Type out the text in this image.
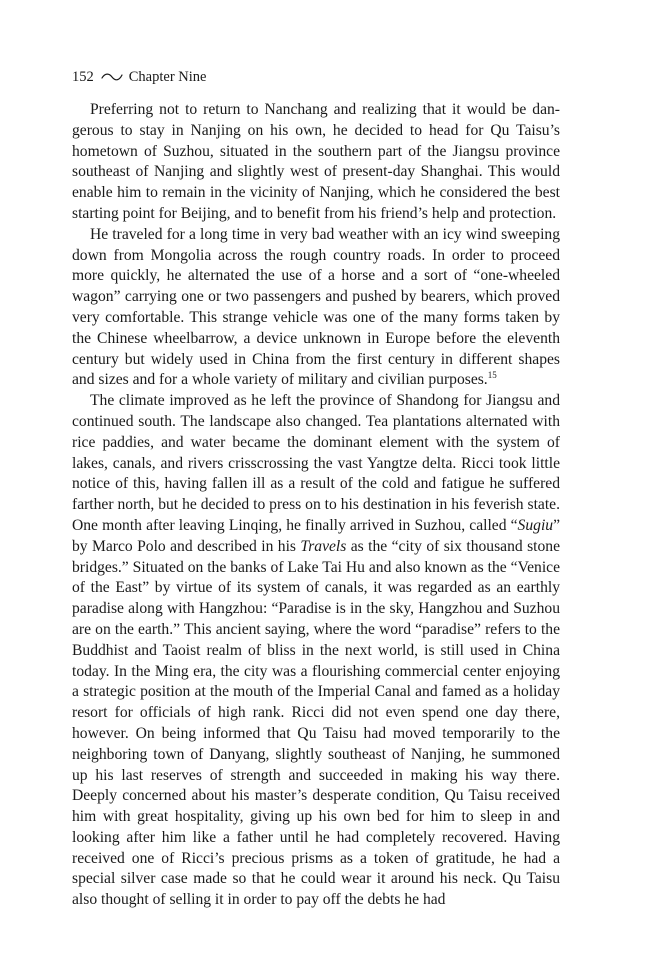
152 Chapter Nine

Preferring not to return to Nanchang and realizing that it would be dangerous to stay in Nanjing on his own, he decided to head for Qu Taisu’s hometown of Suzhou, situated in the southern part of the Jiangsu province southeast of Nanjing and slightly west of present-day Shanghai. This would enable him to remain in the vicinity of Nanjing, which he considered the best starting point for Beijing, and to benefit from his friend’s help and protection.

He traveled for a long time in very bad weather with an icy wind sweeping down from Mongolia across the rough country roads. In order to proceed more quickly, he alternated the use of a horse and a sort of “one-wheeled wagon” carrying one or two passengers and pushed by bearers, which proved very comfortable. This strange vehicle was one of the many forms taken by the Chinese wheelbarrow, a device unknown in Europe before the eleventh century but widely used in China from the first century in different shapes and sizes and for a whole variety of military and civilian purposes.$^{15}$

The climate improved as he left the province of Shandong for Jiangsu and continued south. The landscape also changed. Tea plantations alternated with rice paddies, and water became the dominant element with the system of lakes, canals, and rivers crisscrossing the vast Yangtze delta. Ricci took little notice of this, having fallen ill as a result of the cold and fatigue he suffered farther north, but he decided to press on to his destination in his feverish state. One month after leaving Linqing, he finally arrived in Suzhou, called “Sugiu” by Marco Polo and described in his Travels as the “city of six thousand stone bridges.” Situated on the banks of Lake Tai Hu and also known as the “Venice of the East” by virtue of its system of canals, it was regarded as an earthly paradise along with Hangzhou: “Paradise is in the sky, Hangzhou and Suzhou are on the earth.” This ancient saying, where the word “paradise” refers to the Buddhist and Taoist realm of bliss in the next world, is still used in China today. In the Ming era, the city was a flourishing commercial center enjoying a strategic position at the mouth of the Imperial Canal and famed as a holiday resort for officials of high rank. Ricci did not even spend one day there, however. On being informed that Qu Taisu had moved temporarily to the neighboring town of Danyang, slightly southeast of Nanjing, he summoned up his last reserves of strength and succeeded in making his way there. Deeply concerned about his master’s desperate condition, Qu Taisu received him with great hospitality, giving up his own bed for him to sleep in and looking after him like a father until he had completely recovered. Having received one of Ricci’s precious prisms as a token of gratitude, he had a special silver case made so that he could wear it around his neck. Qu Taisu also thought of selling it in order to pay off the debts he had
